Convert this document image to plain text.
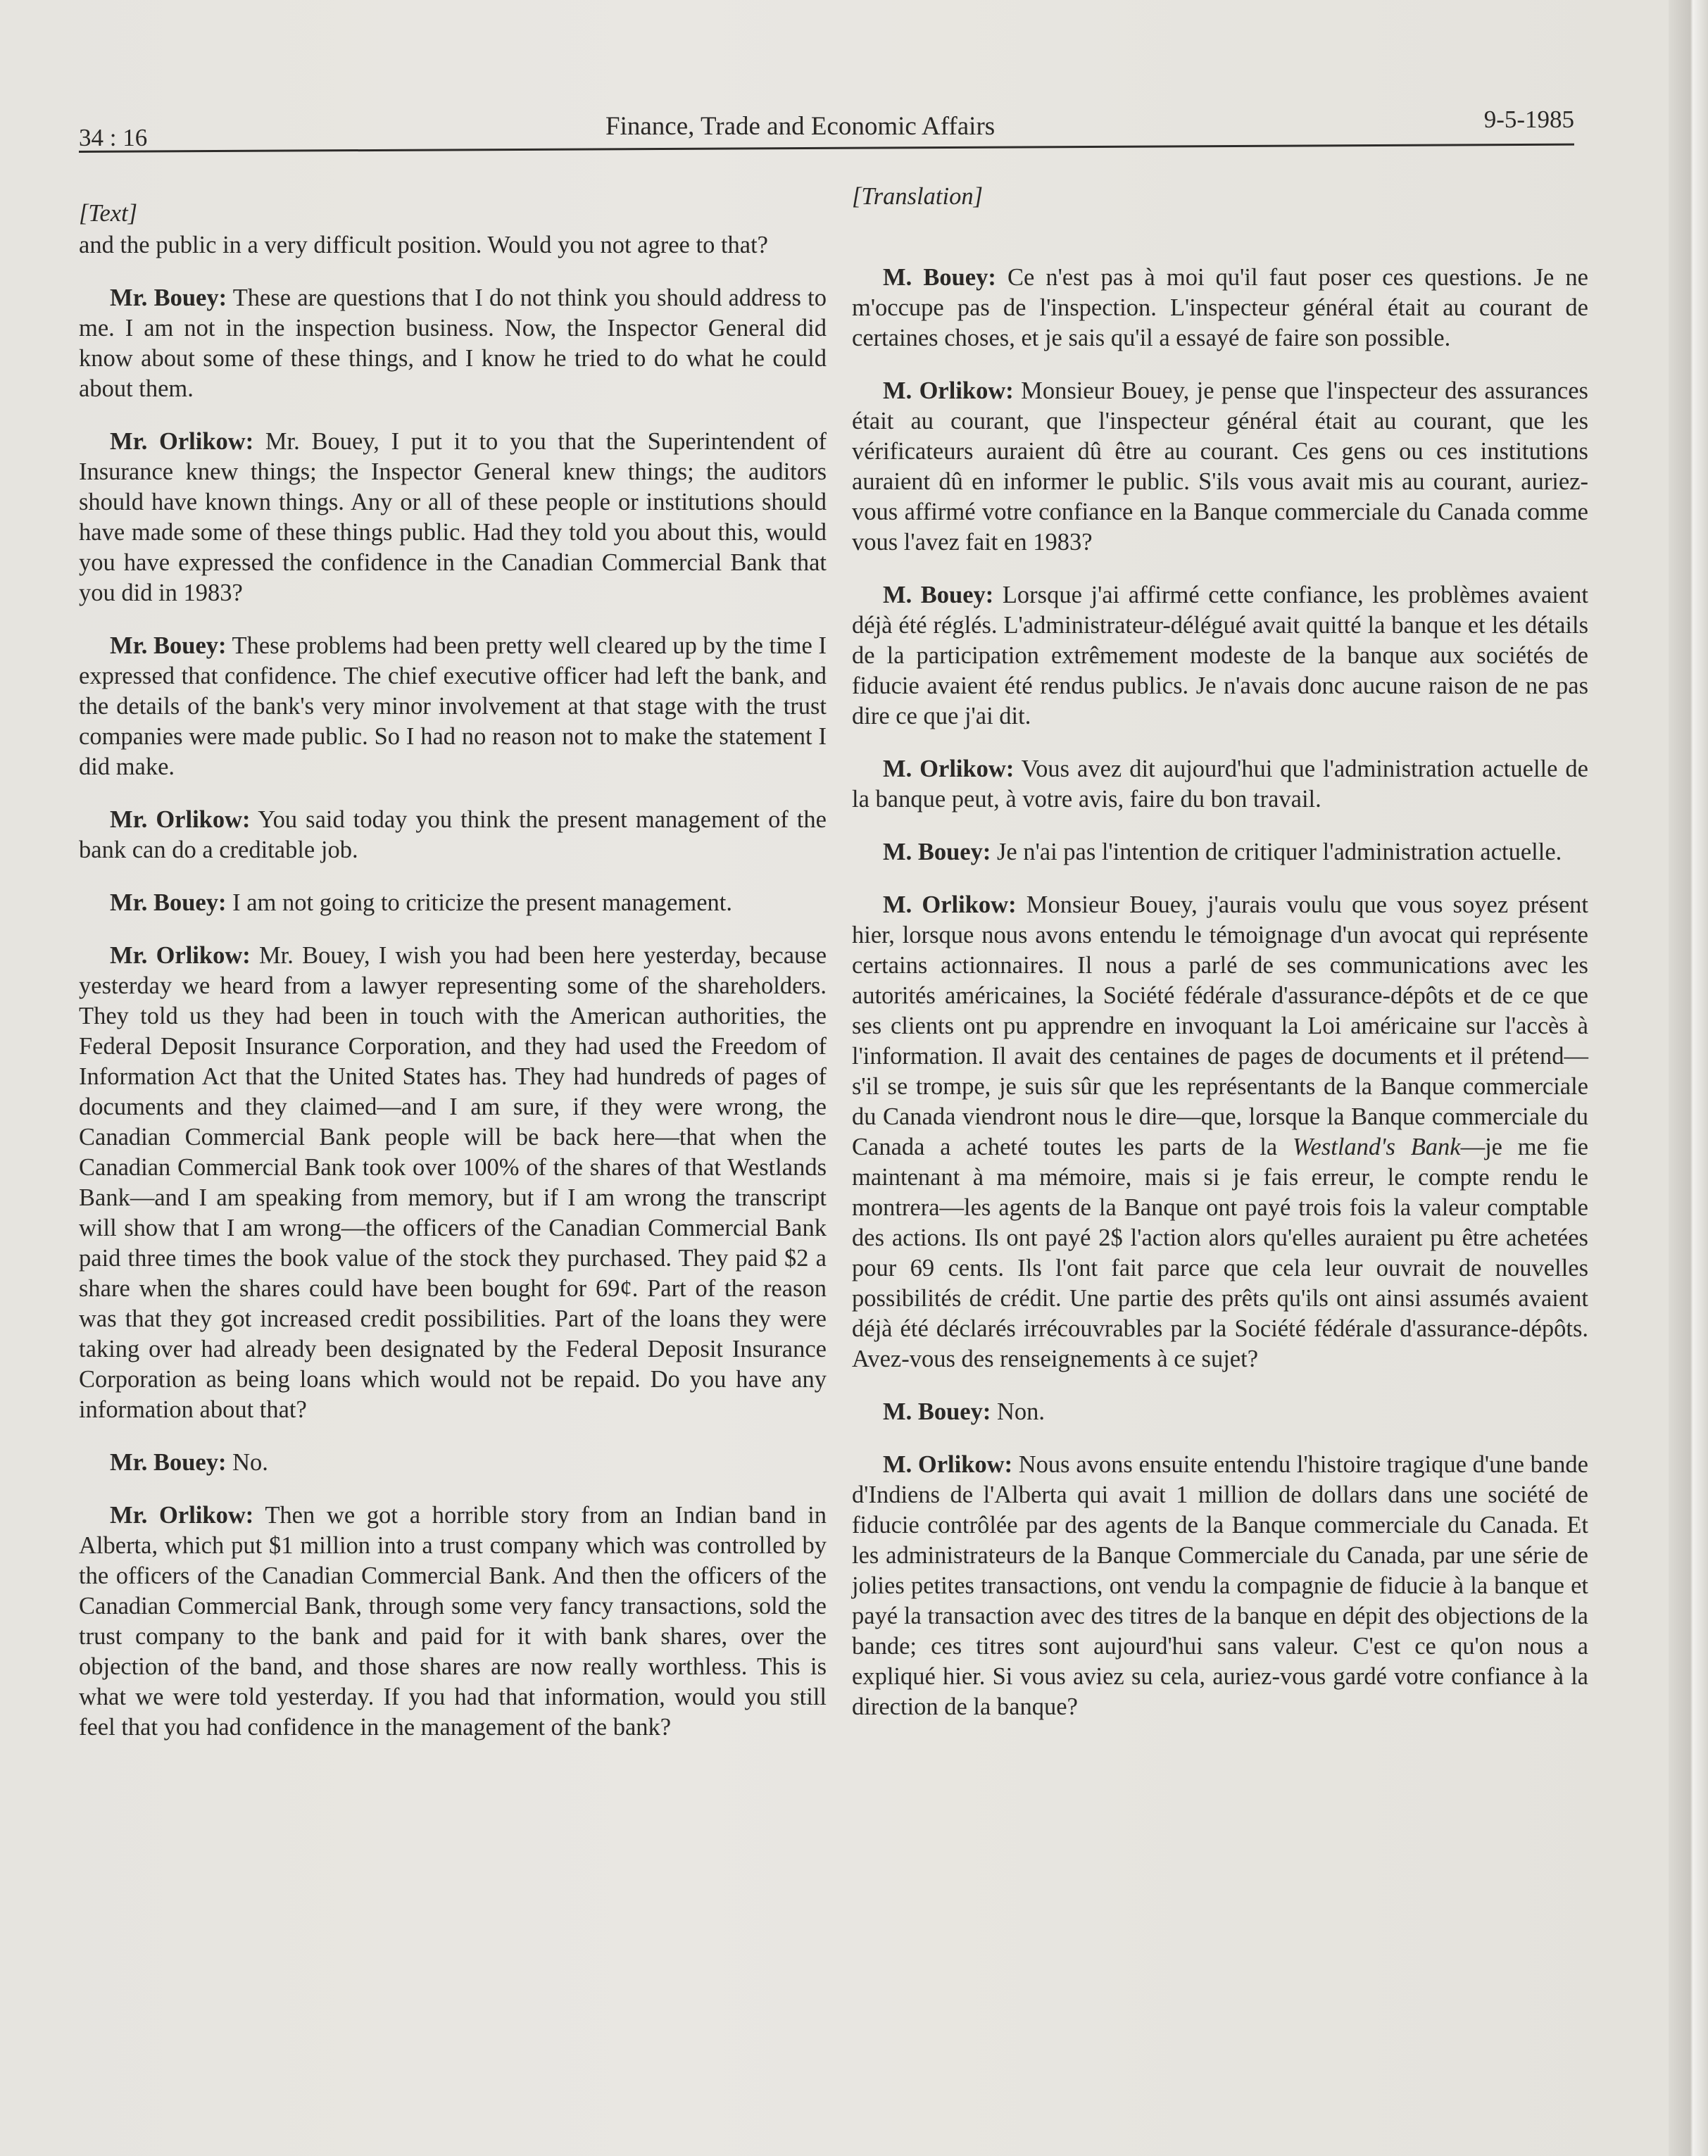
34 : 16	Finance, Trade and Economic Affairs	9-5-1985
[Text]

and the public in a very difficult position. Would you not agree to that?

Mr. Bouey: These are questions that I do not think you should address to me. I am not in the inspection business. Now, the Inspector General did know about some of these things, and I know he tried to do what he could about them.

Mr. Orlikow: Mr. Bouey, I put it to you that the Superintendent of Insurance knew things; the Inspector General knew things; the auditors should have known things. Any or all of these people or institutions should have made some of these things public. Had they told you about this, would you have expressed the confidence in the Canadian Commercial Bank that you did in 1983?

Mr. Bouey: These problems had been pretty well cleared up by the time I expressed that confidence. The chief executive officer had left the bank, and the details of the bank's very minor involvement at that stage with the trust companies were made public. So I had no reason not to make the statement I did make.

Mr. Orlikow: You said today you think the present management of the bank can do a creditable job.

Mr. Bouey: I am not going to criticize the present management.

Mr. Orlikow: Mr. Bouey, I wish you had been here yesterday, because yesterday we heard from a lawyer representing some of the shareholders. They told us they had been in touch with the American authorities, the Federal Deposit Insurance Corporation, and they had used the Freedom of Information Act that the United States has. They had hundreds of pages of documents and they claimed—and I am sure, if they were wrong, the Canadian Commercial Bank people will be back here—that when the Canadian Commercial Bank took over 100% of the shares of that Westlands Bank—and I am speaking from memory, but if I am wrong the transcript will show that I am wrong—the officers of the Canadian Commercial Bank paid three times the book value of the stock they purchased. They paid $2 a share when the shares could have been bought for 69¢. Part of the reason was that they got increased credit possibilities. Part of the loans they were taking over had already been designated by the Federal Deposit Insurance Corporation as being loans which would not be repaid. Do you have any information about that?

Mr. Bouey: No.

Mr. Orlikow: Then we got a horrible story from an Indian band in Alberta, which put $1 million into a trust company which was controlled by the officers of the Canadian Commercial Bank. And then the officers of the Canadian Commercial Bank, through some very fancy transactions, sold the trust company to the bank and paid for it with bank shares, over the objection of the band, and those shares are now really worthless. This is what we were told yesterday. If you had that information, would you still feel that you had confidence in the management of the bank?

[Translation]

M. Bouey: Ce n'est pas à moi qu'il faut poser ces questions. Je ne m'occupe pas de l'inspection. L'inspecteur général était au courant de certaines choses, et je sais qu'il a essayé de faire son possible.

M. Orlikow: Monsieur Bouey, je pense que l'inspecteur des assurances était au courant, que l'inspecteur général était au courant, que les vérificateurs auraient dû être au courant. Ces gens ou ces institutions auraient dû en informer le public. S'ils vous avait mis au courant, auriez-vous affirmé votre confiance en la Banque commerciale du Canada comme vous l'avez fait en 1983?

M. Bouey: Lorsque j'ai affirmé cette confiance, les problèmes avaient déjà été réglés. L'administrateur-délégué avait quitté la banque et les détails de la participation extrêmement modeste de la banque aux sociétés de fiducie avaient été rendus publics. Je n'avais donc aucune raison de ne pas dire ce que j'ai dit.

M. Orlikow: Vous avez dit aujourd'hui que l'administration actuelle de la banque peut, à votre avis, faire du bon travail.

M. Bouey: Je n'ai pas l'intention de critiquer l'administration actuelle.

M. Orlikow: Monsieur Bouey, j'aurais voulu que vous soyez présent hier, lorsque nous avons entendu le témoignage d'un avocat qui représente certains actionnaires. Il nous a parlé de ses communications avec les autorités américaines, la Société fédérale d'assurance-dépôts et de ce que ses clients ont pu apprendre en invoquant la Loi américaine sur l'accès à l'information. Il avait des centaines de pages de documents et il prétend—s'il se trompe, je suis sûr que les représentants de la Banque commerciale du Canada viendront nous le dire—que, lorsque la Banque commerciale du Canada a acheté toutes les parts de la Westland's Bank—je me fie maintenant à ma mémoire, mais si je fais erreur, le compte rendu le montrera—les agents de la Banque ont payé trois fois la valeur comptable des actions. Ils ont payé 2$ l'action alors qu'elles auraient pu être achetées pour 69 cents. Ils l'ont fait parce que cela leur ouvrait de nouvelles possibilités de crédit. Une partie des prêts qu'ils ont ainsi assumés avaient déjà été déclarés irrécouvrables par la Société fédérale d'assurance-dépôts. Avez-vous des renseignements à ce sujet?

M. Bouey: Non.

M. Orlikow: Nous avons ensuite entendu l'histoire tragique d'une bande d'Indiens de l'Alberta qui avait 1 million de dollars dans une société de fiducie contrôlée par des agents de la Banque commerciale du Canada. Et les administrateurs de la Banque Commerciale du Canada, par une série de jolies petites transactions, ont vendu la compagnie de fiducie à la banque et payé la transaction avec des titres de la banque en dépit des objections de la bande; ces titres sont aujourd'hui sans valeur. C'est ce qu'on nous a expliqué hier. Si vous aviez su cela, auriez-vous gardé votre confiance à la direction de la banque?
